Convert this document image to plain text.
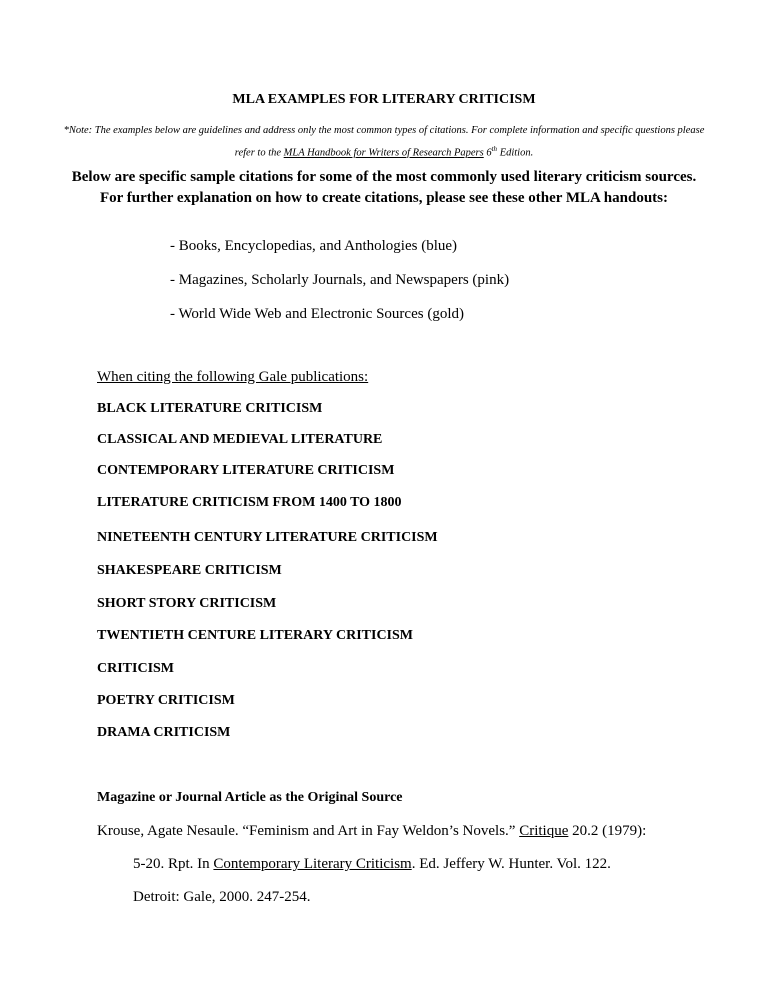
MLA EXAMPLES FOR LITERARY CRITICISM
*Note: The examples below are guidelines and address only the most common types of citations. For complete information and specific questions please refer to the MLA Handbook for Writers of Research Papers 6th Edition.
Below are specific sample citations for some of the most commonly used literary criticism sources. For further explanation on how to create citations, please see these other MLA handouts:
- Books, Encyclopedias, and Anthologies (blue)
- Magazines, Scholarly Journals, and Newspapers (pink)
- World Wide Web and Electronic Sources (gold)
When citing the following Gale publications:
BLACK LITERATURE CRITICISM
CLASSICAL AND MEDIEVAL LITERATURE
CONTEMPORARY LITERATURE CRITICISM
LITERATURE CRITICISM FROM 1400 TO 1800
NINETEENTH CENTURY LITERATURE CRITICISM
SHAKESPEARE CRITICISM
SHORT STORY CRITICISM
TWENTIETH CENTURE LITERARY CRITICISM
CRITICISM
POETRY CRITICISM
DRAMA CRITICISM
Magazine or Journal Article as the Original Source
Krouse, Agate Nesaule. “Feminism and Art in Fay Weldon’s Novels.” Critique 20.2 (1979):
5-20. Rpt. In Contemporary Literary Criticism. Ed. Jeffery W. Hunter. Vol. 122.
Detroit: Gale, 2000. 247-254.
